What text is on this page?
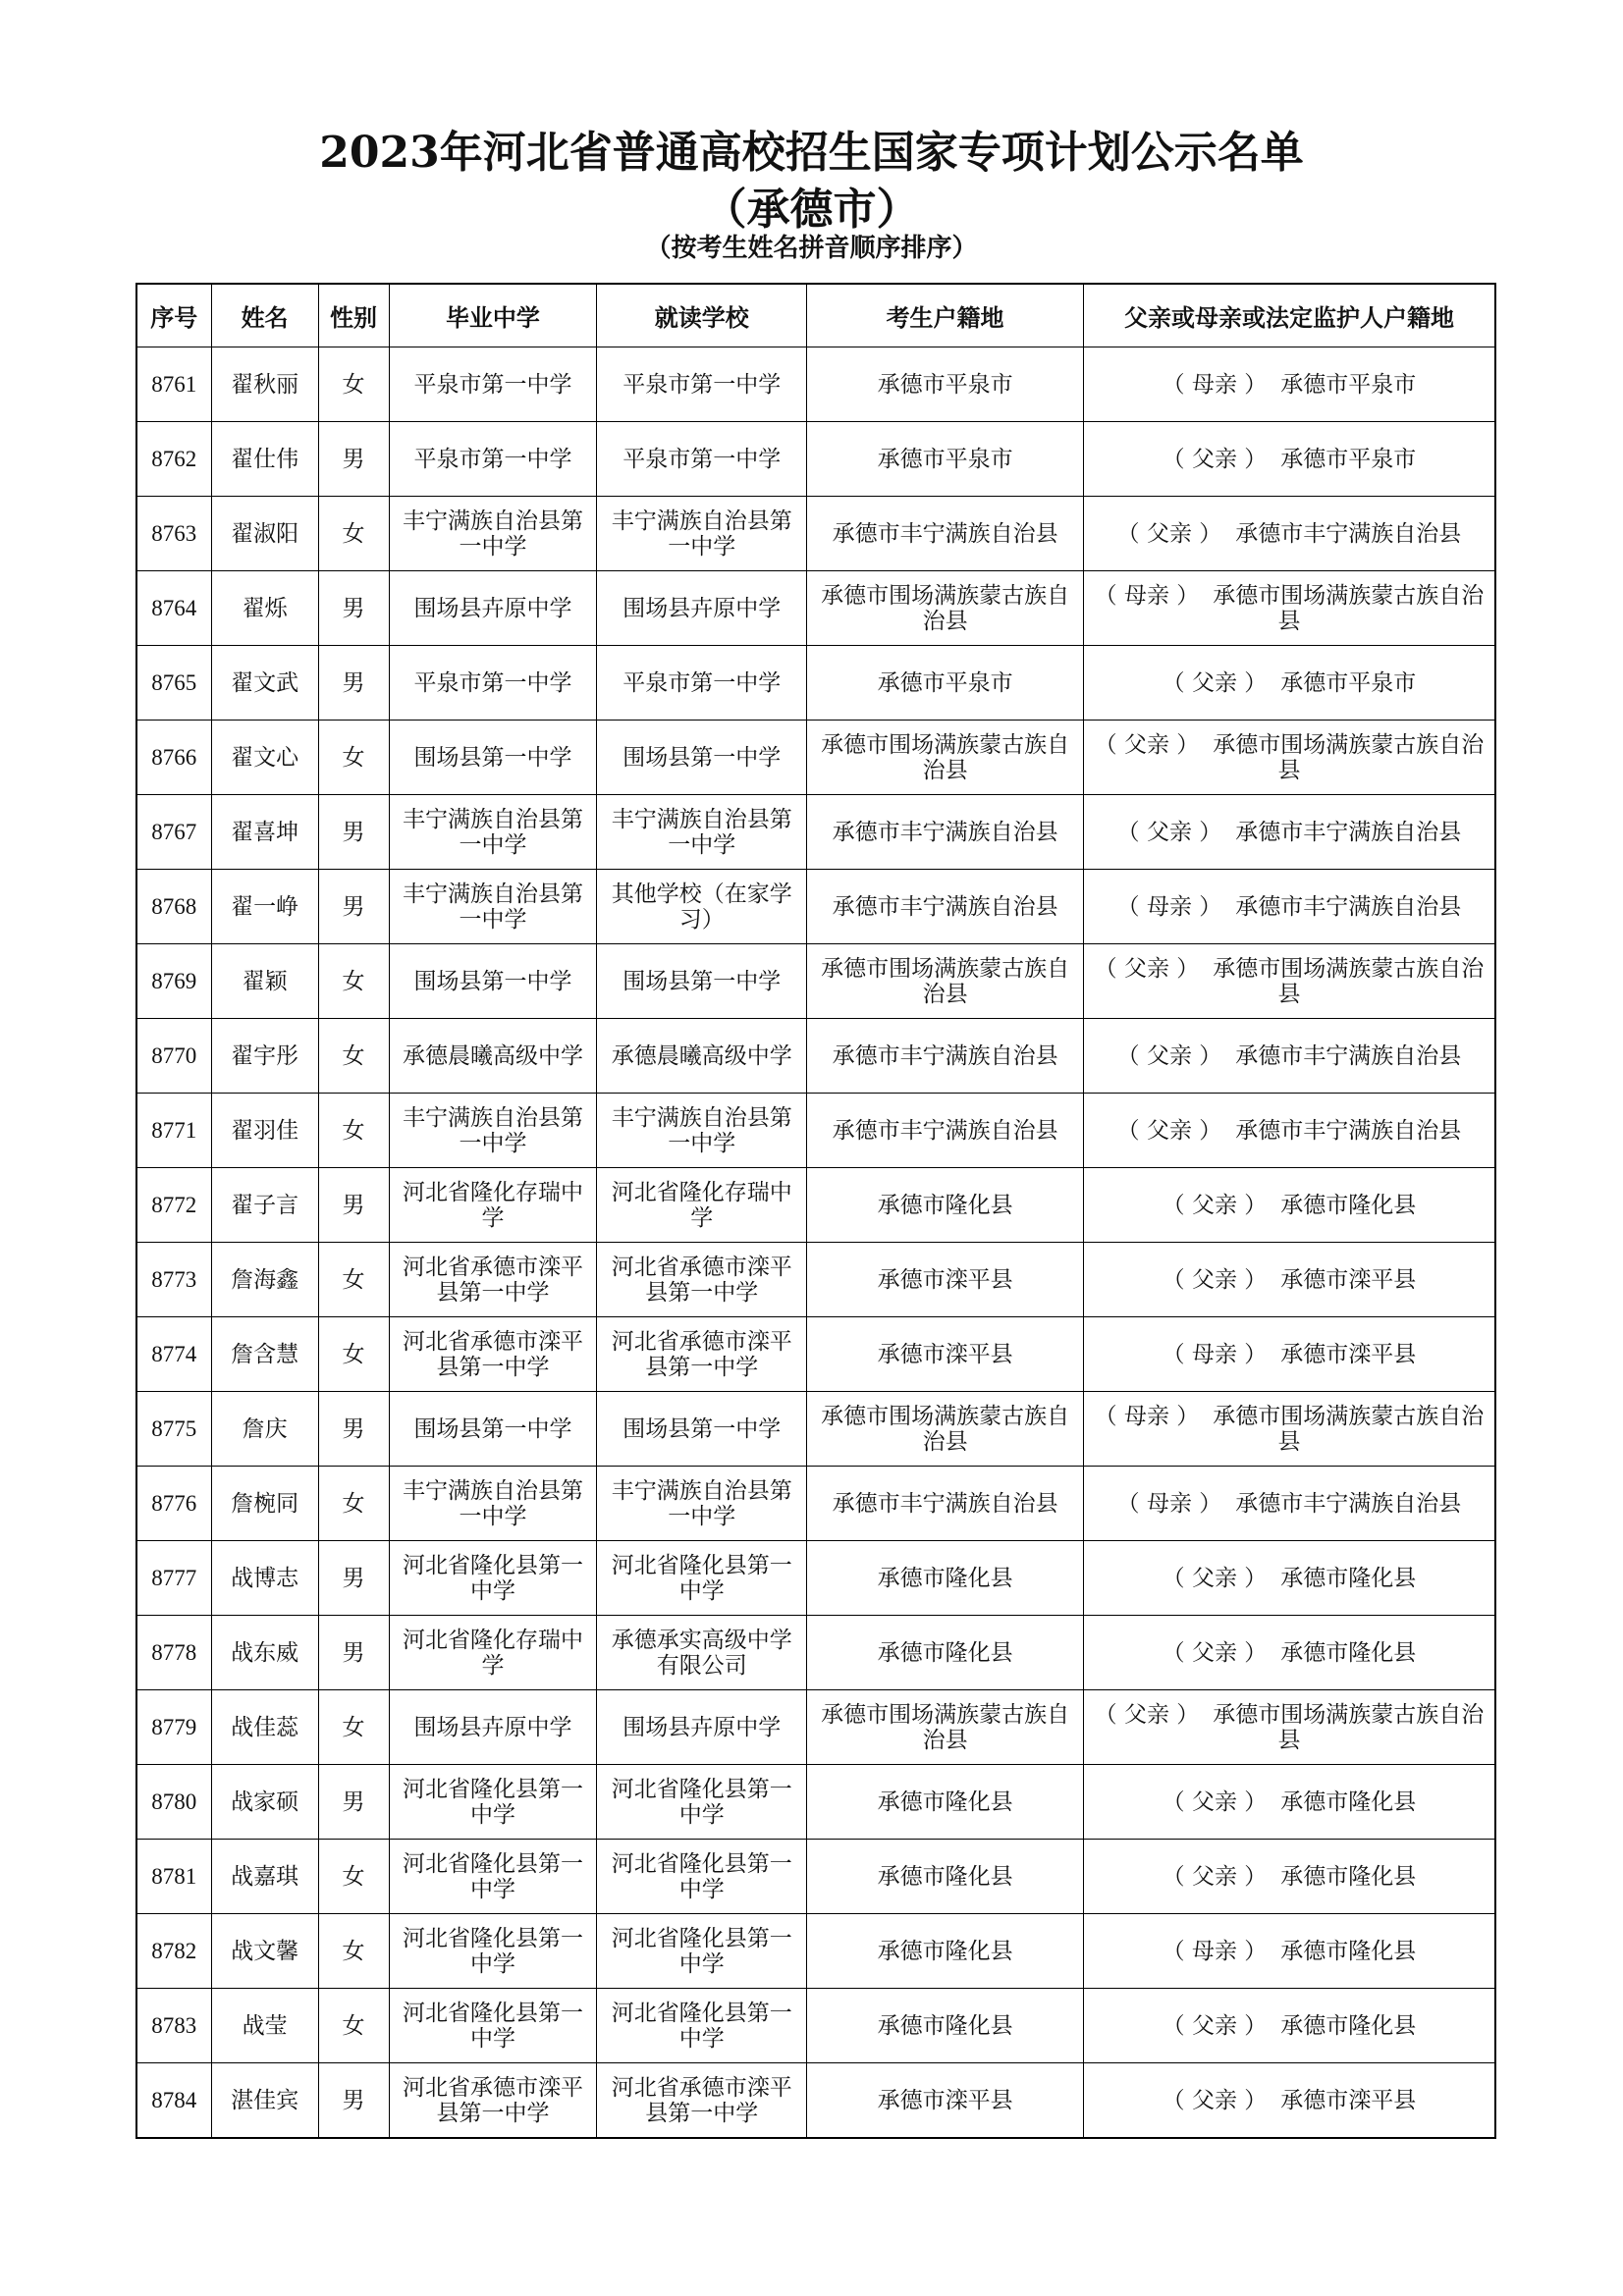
2023年河北省普通高校招生国家专项计划公示名单
（承德市）
（按考生姓名拼音顺序排序）
序号	姓名	性别	毕业中学	就读学校	考生户籍地	父亲或母亲或法定监护人户籍地
8761	翟秋丽	女	平泉市第一中学	平泉市第一中学	承德市平泉市	（ 母亲 ） 承德市平泉市
8762	翟仕伟	男	平泉市第一中学	平泉市第一中学	承德市平泉市	（ 父亲 ） 承德市平泉市
8763	翟淑阳	女	丰宁满族自治县第一中学	丰宁满族自治县第一中学	承德市丰宁满族自治县	（ 父亲 ） 承德市丰宁满族自治县
8764	翟烁	男	围场县卉原中学	围场县卉原中学	承德市围场满族蒙古族自治县	（ 母亲 ） 承德市围场满族蒙古族自治县
8765	翟文武	男	平泉市第一中学	平泉市第一中学	承德市平泉市	（ 父亲 ） 承德市平泉市
8766	翟文心	女	围场县第一中学	围场县第一中学	承德市围场满族蒙古族自治县	（ 父亲 ） 承德市围场满族蒙古族自治县
8767	翟喜坤	男	丰宁满族自治县第一中学	丰宁满族自治县第一中学	承德市丰宁满族自治县	（ 父亲 ） 承德市丰宁满族自治县
8768	翟一峥	男	丰宁满族自治县第一中学	其他学校（在家学习）	承德市丰宁满族自治县	（ 母亲 ） 承德市丰宁满族自治县
8769	翟颖	女	围场县第一中学	围场县第一中学	承德市围场满族蒙古族自治县	（ 父亲 ） 承德市围场满族蒙古族自治县
8770	翟宇彤	女	承德晨曦高级中学	承德晨曦高级中学	承德市丰宁满族自治县	（ 父亲 ） 承德市丰宁满族自治县
8771	翟羽佳	女	丰宁满族自治县第一中学	丰宁满族自治县第一中学	承德市丰宁满族自治县	（ 父亲 ） 承德市丰宁满族自治县
8772	翟子言	男	河北省隆化存瑞中学	河北省隆化存瑞中学	承德市隆化县	（ 父亲 ） 承德市隆化县
8773	詹海鑫	女	河北省承德市滦平县第一中学	河北省承德市滦平县第一中学	承德市滦平县	（ 父亲 ） 承德市滦平县
8774	詹含慧	女	河北省承德市滦平县第一中学	河北省承德市滦平县第一中学	承德市滦平县	（ 母亲 ） 承德市滦平县
8775	詹庆	男	围场县第一中学	围场县第一中学	承德市围场满族蒙古族自治县	（ 母亲 ） 承德市围场满族蒙古族自治县
8776	詹椀同	女	丰宁满族自治县第一中学	丰宁满族自治县第一中学	承德市丰宁满族自治县	（ 母亲 ） 承德市丰宁满族自治县
8777	战博志	男	河北省隆化县第一中学	河北省隆化县第一中学	承德市隆化县	（ 父亲 ） 承德市隆化县
8778	战东威	男	河北省隆化存瑞中学	承德承实高级中学有限公司	承德市隆化县	（ 父亲 ） 承德市隆化县
8779	战佳蕊	女	围场县卉原中学	围场县卉原中学	承德市围场满族蒙古族自治县	（ 父亲 ） 承德市围场满族蒙古族自治县
8780	战家硕	男	河北省隆化县第一中学	河北省隆化县第一中学	承德市隆化县	（ 父亲 ） 承德市隆化县
8781	战嘉琪	女	河北省隆化县第一中学	河北省隆化县第一中学	承德市隆化县	（ 父亲 ） 承德市隆化县
8782	战文馨	女	河北省隆化县第一中学	河北省隆化县第一中学	承德市隆化县	（ 母亲 ） 承德市隆化县
8783	战莹	女	河北省隆化县第一中学	河北省隆化县第一中学	承德市隆化县	（ 父亲 ） 承德市隆化县
8784	湛佳宾	男	河北省承德市滦平县第一中学	河北省承德市滦平县第一中学	承德市滦平县	（ 父亲 ） 承德市滦平县
